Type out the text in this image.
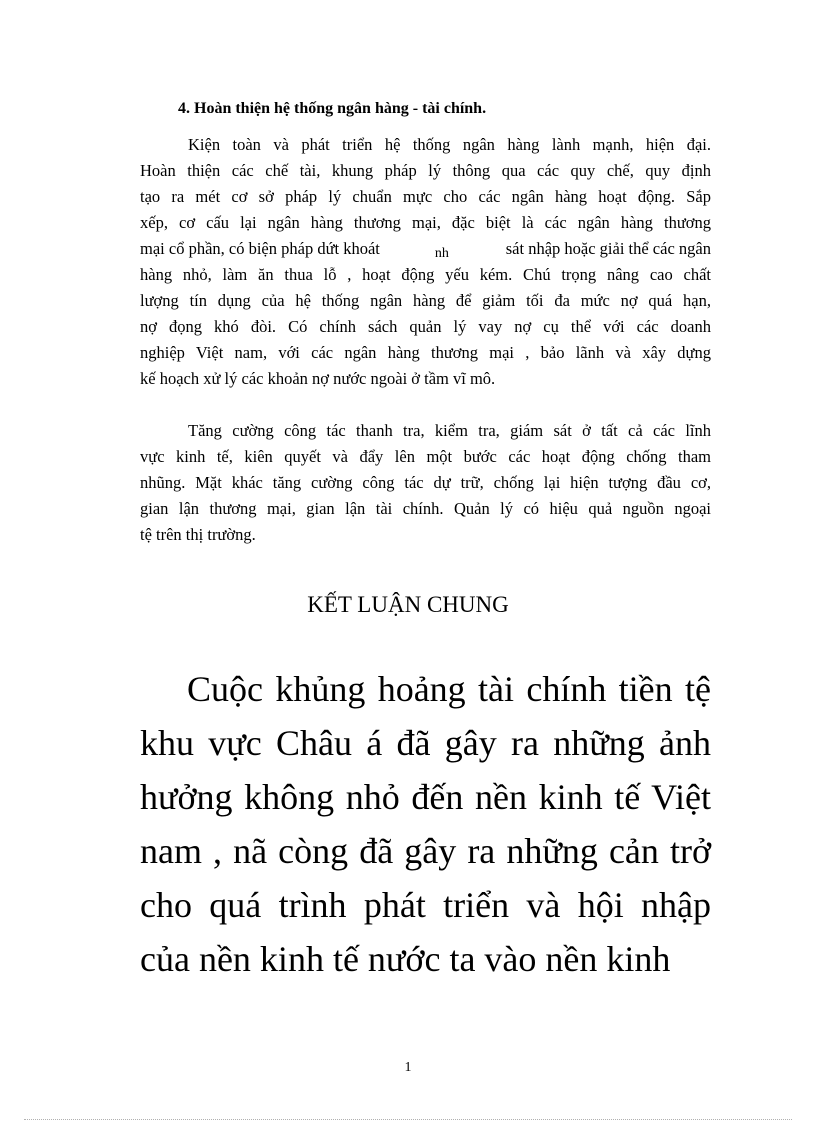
4. Hoàn thiện hệ thống ngân hàng - tài chính.
Kiện toàn và phát triển hệ thống ngân hàng lành mạnh, hiện đại.
Hoàn thiện các chế tài, khung pháp lý thông qua các quy chế, quy định
tạo ra mét cơ sở pháp lý chuẩn mực cho các ngân hàng hoạt động. Sắp
xếp, cơ cấu lại ngân hàng thương mại, đặc biệt là các ngân hàng thương
mại cổ phần, có biện pháp dứt khoát	nh	sát nhập hoặc giải thể các ngân
hàng nhỏ, làm ăn thua lỗ , hoạt động yếu kém. Chú trọng nâng cao chất
lượng tín dụng của hệ thống ngân hàng để giảm tối đa mức nợ quá hạn,
nợ đọng khó đòi. Có chính sách quản lý vay nợ cụ thể với các doanh
nghiệp Việt nam, với các ngân hàng thương mại , bảo lãnh và xây dựng
kế hoạch xử lý các khoản nợ nước ngoài ở tầm vĩ mô.
Tăng cường công tác thanh tra, kiểm tra, giám sát ở tất cả các lĩnh
vực kinh tế, kiên quyết và đẩy lên một bước các hoạt động chống tham
nhũng. Mặt khác tăng cường công tác dự trữ, chống lại hiện tượng đầu cơ,
gian lận thương mại, gian lận tài chính. Quản lý có hiệu quả nguồn ngoại
tệ trên thị trường.
KẾT LUẬN CHUNG
Cuộc khủng hoảng tài chính tiền tệ
khu vực Châu á đã gây ra những ảnh
hưởng không nhỏ đến nền kinh tế Việt
nam , nã còng đã gây ra những cản trở
cho quá trình phát triển và hội nhập
của nền kinh tế nước ta vào nền kinh
1
